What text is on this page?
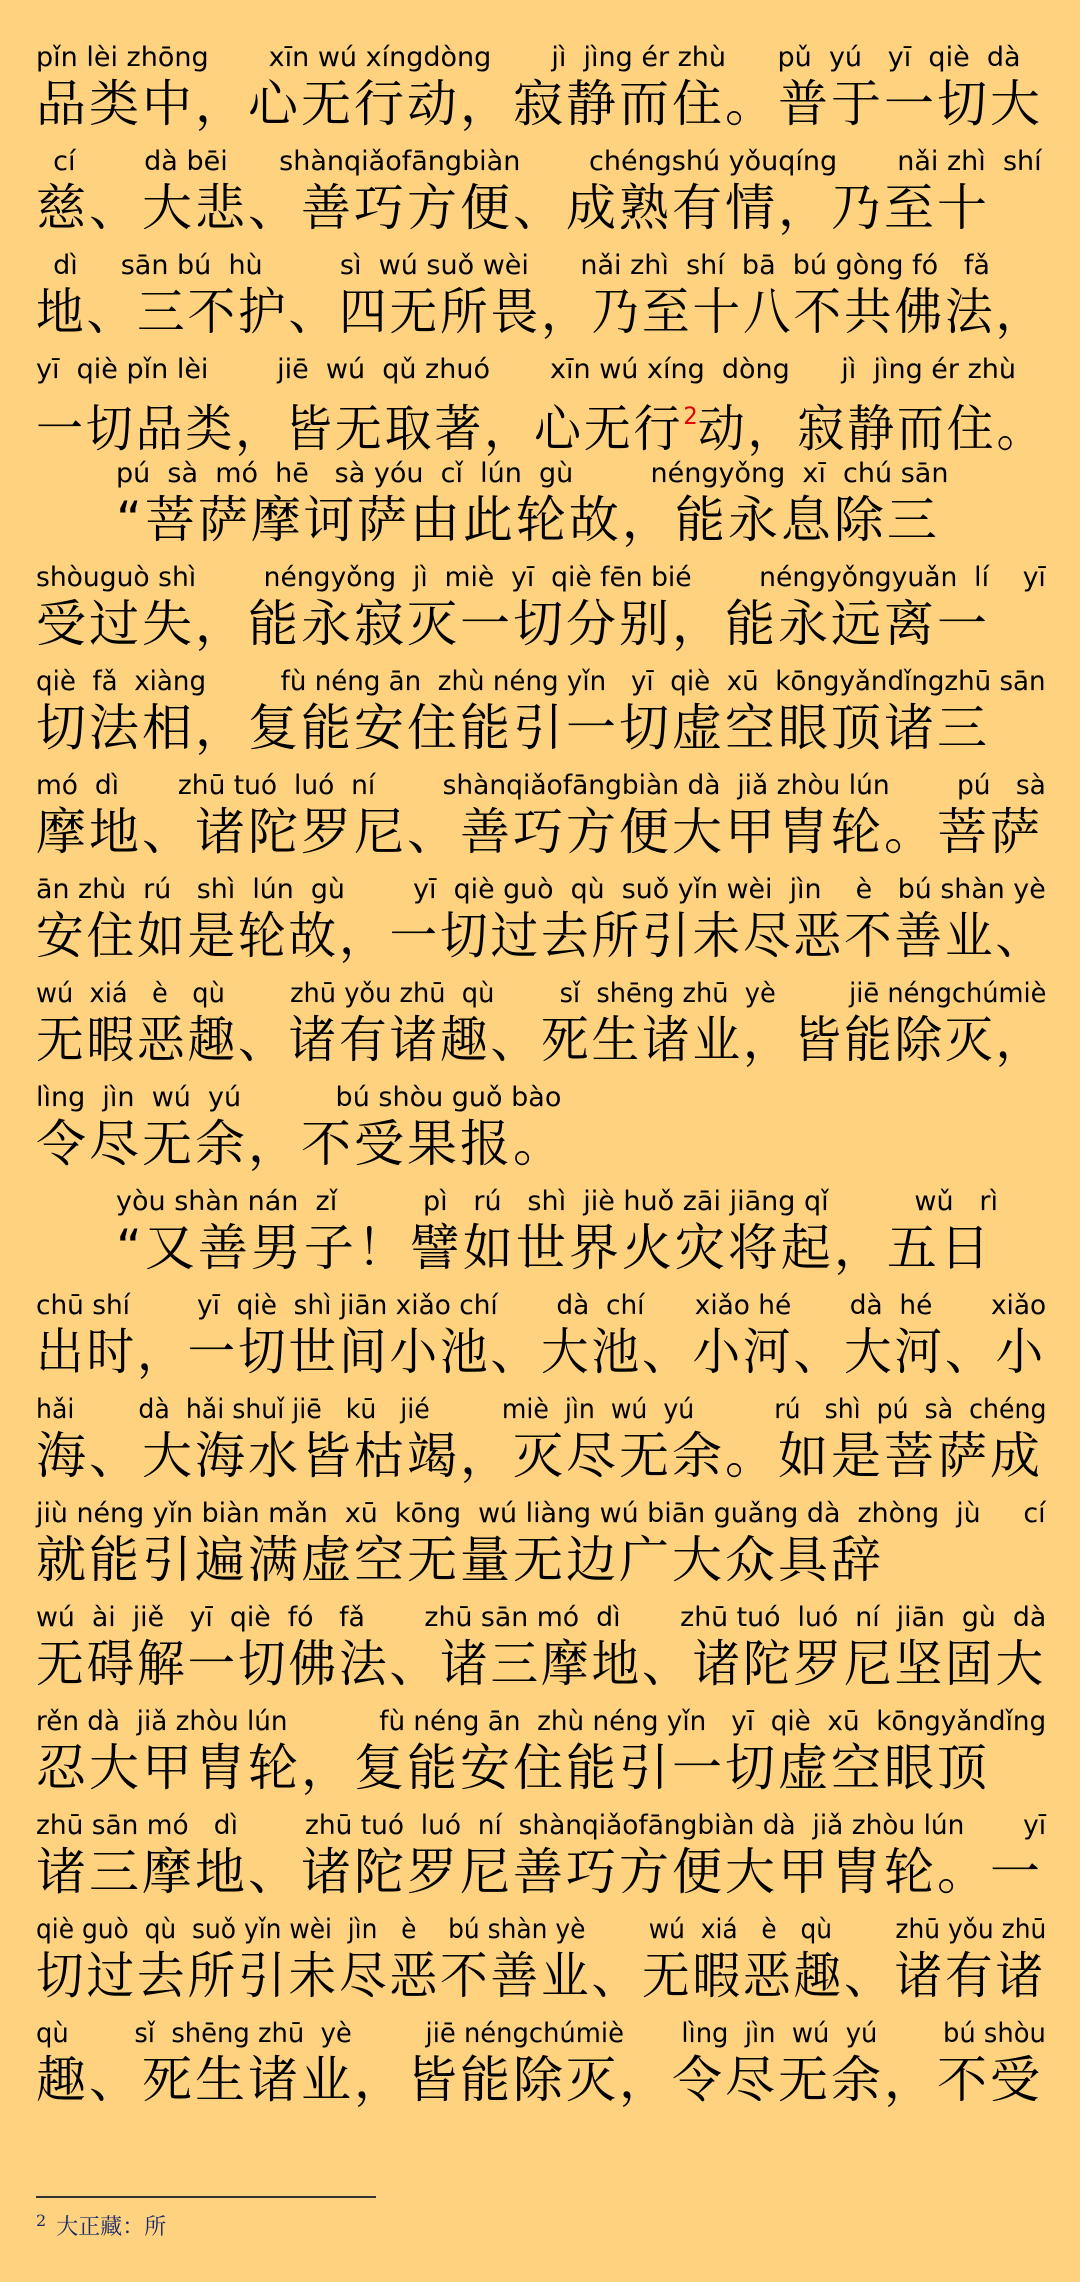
pǐn lèi zhōng       xīn wú xíngdòng       jì  jìng ér zhù      pǔ  yú   yī  qiè  dà
品类中，心无行动，寂静而住。普于一切大
cí        dà bēi      shànqiǎofāngbiàn        chéngshú yǒuqíng       nǎi zhì  shí
慈、大悲、善巧方便、成熟有情，乃至十
dì     sān bú  hù         sì  wú suǒ wèi      nǎi zhì  shí  bā  bú gòng fó   fǎ
地、三不护、四无所畏，乃至十八不共佛法，
yī  qiè pǐn lèi        jiē  wú  qǔ zhuó       xīn wú xíng  dòng      jì  jìng ér zhù
一切品类，皆无取著，心无行$^2$动，寂静而住。
pú  sà  mó  hē   sà yóu  cǐ  lún  gù         néngyǒng  xī  chú sān
“菩萨摩诃萨由此轮故，能永息除三
shòuguò shì        néngyǒng  jì  miè  yī  qiè fēn bié        néngyǒngyuǎn  lí    yī
受过失，能永寂灭一切分别，能永远离一
qiè  fǎ  xiàng         fù néng ān  zhù néng yǐn   yī  qiè  xū  kōngyǎndǐngzhū sān
切法相，复能安住能引一切虚空眼顶诸三
mó  dì       zhū tuó  luó  ní        shànqiǎofāngbiàn dà  jiǎ zhòu lún        pú   sà
摩地、诸陀罗尼、善巧方便大甲胄轮。菩萨
ān zhù  rú   shì  lún  gù        yī  qiè guò  qù  suǒ yǐn wèi  jìn    è   bú shàn yè
安住如是轮故，一切过去所引未尽恶不善业、
wú  xiá   è   qù        zhū yǒu zhū  qù        sǐ  shēng zhū  yè         jiē néngchúmiè
无暇恶趣、诸有诸趣、死生诸业，皆能除灭，
lìng  jìn  wú  yú           bú shòu guǒ bào
令尽无余，不受果报。
yòu shàn nán  zǐ          pì   rú   shì  jiè huǒ zāi jiāng qǐ          wǔ   rì
“又善男子！譬如世界火灾将起，五日
chū shí        yī  qiè  shì jiān xiǎo chí       dà  chí      xiǎo hé       dà  hé       xiǎo
出时，一切世间小池、大池、小河、大河、小
hǎi        dà  hǎi shuǐ jiē   kū   jié         miè  jìn  wú  yú          rú   shì  pú  sà  chéng
海、大海水皆枯竭，灭尽无余。如是菩萨成
jiù néng yǐn biàn mǎn  xū  kōng  wú liàng wú biān guǎng dà  zhòng  jù     cí
就能引遍满虚空无量无边广大众具辞
wú  ài  jiě   yī  qiè  fó   fǎ       zhū sān mó  dì       zhū tuó  luó  ní  jiān  gù  dà
无碍解一切佛法、诸三摩地、诸陀罗尼坚固大
rěn dà  jiǎ zhòu lún           fù néng ān  zhù néng yǐn   yī  qiè  xū  kōngyǎndǐng
忍大甲胄轮，复能安住能引一切虚空眼顶
zhū sān mó   dì        zhū tuó  luó  ní  shànqiǎofāngbiàn dà  jiǎ zhòu lún       yī
诸三摩地、诸陀罗尼善巧方便大甲胄轮。一
qiè guò  qù  suǒ yǐn wèi  jìn   è    bú shàn yè        wú  xiá   è   qù        zhū yǒu zhū
切过去所引未尽恶不善业、无暇恶趣、诸有诸
qù        sǐ  shēng zhū  yè         jiē néngchúmiè       lìng  jìn  wú  yú        bú shòu
趣、死生诸业，皆能除灭，令尽无余，不受
$^2$ 大正藏：所
